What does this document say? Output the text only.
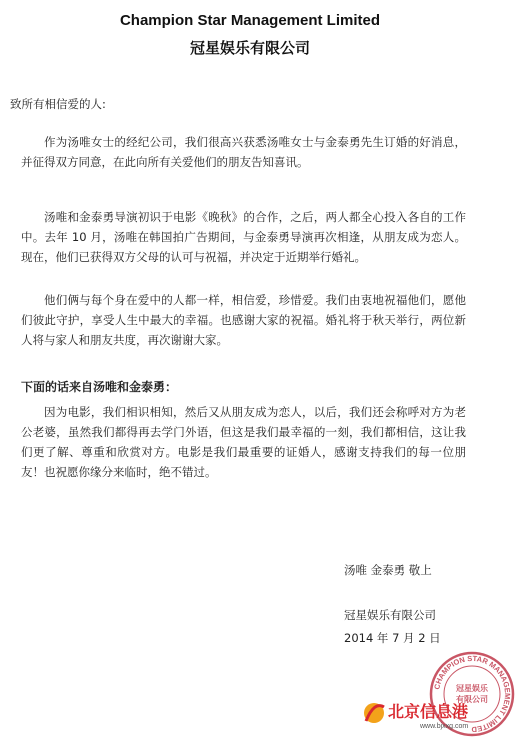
Champion Star Management Limited
冠星娱乐有限公司
致所有相信爱的人:
作为汤唯女士的经纪公司，我们很高兴获悉汤唯女士与金泰勇先生订婚的好消息，并征得双方同意，在此向所有关爱他们的朋友告知喜讯。
汤唯和金泰勇导演初识于电影《晚秋》的合作，之后，两人都全心投入各自的工作中。去年 10 月，汤唯在韩国拍广告期间，与金泰勇导演再次相逢，从朋友成为恋人。现在，他们已获得双方父母的认可与祝福，并决定于近期举行婚礼。
他们俩与每个身在爱中的人都一样，相信爱，珍惜爱。我们由衷地祝福他们，愿他们彼此守护，享受人生中最大的幸福。也感谢大家的祝福。婚礼将于秋天举行，两位新人将与家人和朋友共度，再次谢谢大家。
下面的话来自汤唯和金泰勇：
因为电影，我们相识相知，然后又从朋友成为恋人，以后，我们还会称呼对方为老公老婆，虽然我们都得再去学门外语，但这是我们最幸福的一刻，我们都相信，这让我们更了解、尊重和欣赏对方。电影是我们最重要的证婚人，感谢支持我们的每一位朋友！也祝愿你缘分来临时，绝不错过。
汤唯 金泰勇 敬上
冠星娱乐有限公司
2014 年 7 月 2 日
CHAMPION STAR MANAGEMENT LIMITED
冠星娱乐
有限公司
北京信息港
www.bjxxg.com
